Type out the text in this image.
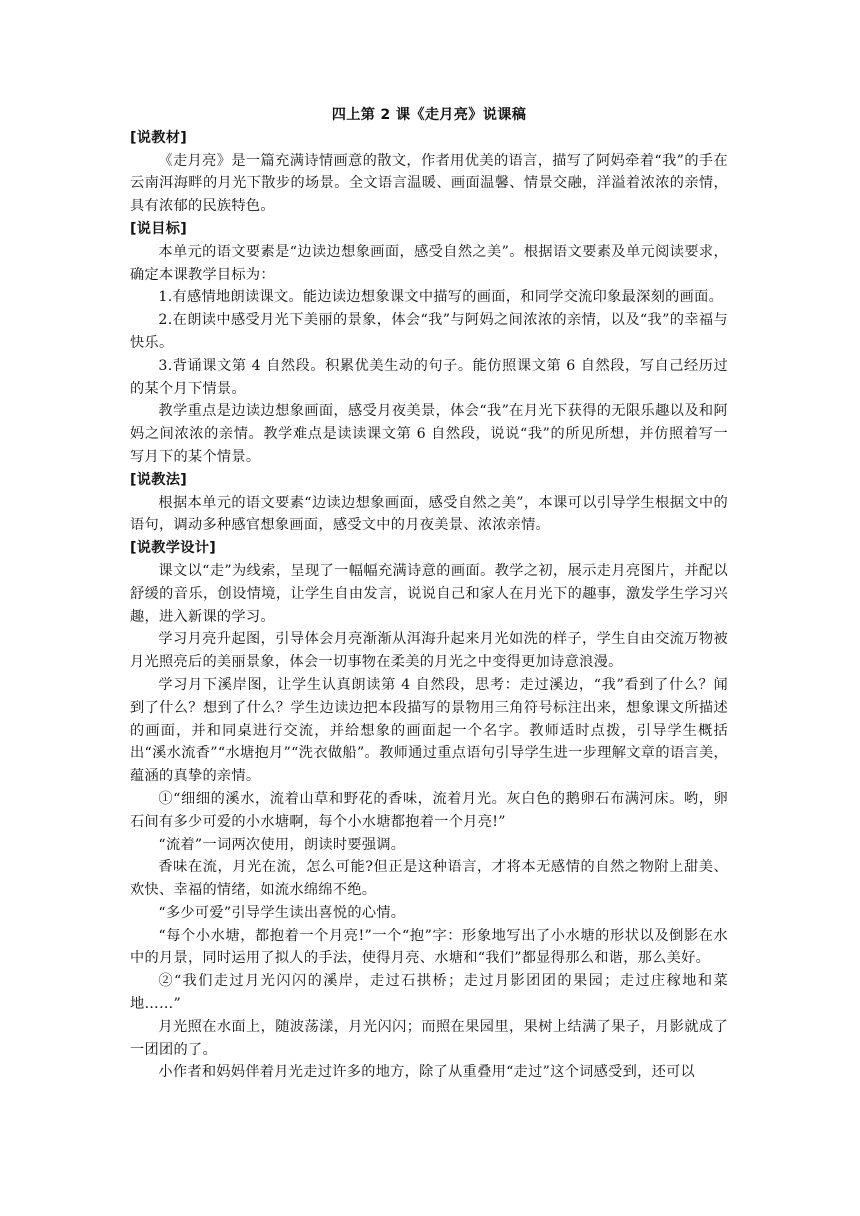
四上第 2 课《走月亮》说课稿

[说教材]

《走月亮》是一篇充满诗情画意的散文，作者用优美的语言，描写了阿妈牵着“我”的手在云南洱海畔的月光下散步的场景。全文语言温暖、画面温馨、情景交融，洋溢着浓浓的亲情，具有浓郁的民族特色。

[说目标]

本单元的语文要素是“边读边想象画面，感受自然之美”。根据语文要素及单元阅读要求，确定本课教学目标为：

1.有感情地朗读课文。能边读边想象课文中描写的画面，和同学交流印象最深刻的画面。

2.在朗读中感受月光下美丽的景象，体会“我”与阿妈之间浓浓的亲情，以及“我”的幸福与快乐。

3.背诵课文第 4 自然段。积累优美生动的句子。能仿照课文第 6 自然段，写自己经历过的某个月下情景。

教学重点是边读边想象画面，感受月夜美景，体会“我”在月光下获得的无限乐趣以及和阿妈之间浓浓的亲情。教学难点是读读课文第 6 自然段，说说“我”的所见所想，并仿照着写一写月下的某个情景。

[说教法]

根据本单元的语文要素“边读边想象画面，感受自然之美”，本课可以引导学生根据文中的语句，调动多种感官想象画面，感受文中的月夜美景、浓浓亲情。

[说教学设计]

课文以“走”为线索，呈现了一幅幅充满诗意的画面。教学之初，展示走月亮图片，并配以舒缓的音乐，创设情境，让学生自由发言，说说自己和家人在月光下的趣事，激发学生学习兴趣，进入新课的学习。

学习月亮升起图，引导体会月亮渐渐从洱海升起来月光如洗的样子，学生自由交流万物被月光照亮后的美丽景象，体会一切事物在柔美的月光之中变得更加诗意浪漫。

学习月下溪岸图，让学生认真朗读第 4 自然段，思考：走过溪边，“我”看到了什么？闻到了什么？想到了什么？学生边读边把本段描写的景物用三角符号标注出来，想象课文所描述的画面，并和同桌进行交流，并给想象的画面起一个名字。教师适时点拨，引导学生概括出“溪水流香”“水塘抱月”“洗衣做船”。教师通过重点语句引导学生进一步理解文章的语言美，蕴涵的真挚的亲情。

①“细细的溪水，流着山草和野花的香味，流着月光。灰白色的鹅卵石布满河床。哟，卵石间有多少可爱的小水塘啊，每个小水塘都抱着一个月亮!”

“流着”一词两次使用，朗读时要强调。

香味在流，月光在流，怎么可能?但正是这种语言，才将本无感情的自然之物附上甜美、欢快、幸福的情绪，如流水绵绵不绝。

“多少可爱”引导学生读出喜悦的心情。

“每个小水塘，都抱着一个月亮!”一个“抱”字：形象地写出了小水塘的形状以及倒影在水中的月景，同时运用了拟人的手法，使得月亮、水塘和“我们”都显得那么和谐，那么美好。

②“我们走过月光闪闪的溪岸，走过石拱桥；走过月影团团的果园；走过庄稼地和菜地……”

月光照在水面上，随波荡漾，月光闪闪；而照在果园里，果树上结满了果子，月影就成了一团团的了。

小作者和妈妈伴着月光走过许多的地方，除了从重叠用“走过”这个词感受到，还可以
